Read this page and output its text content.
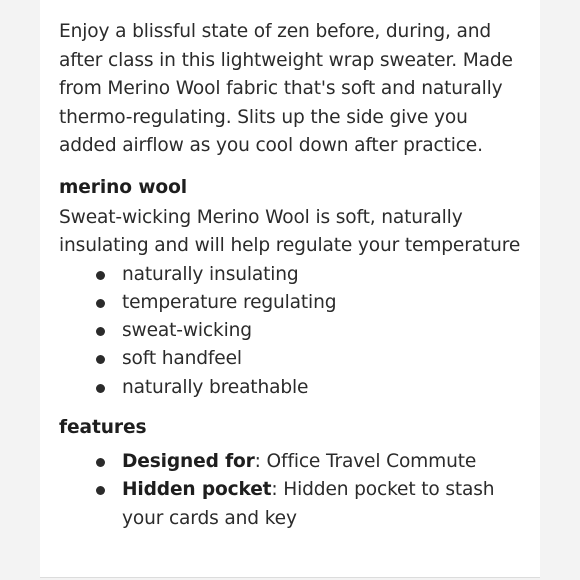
Enjoy a blissful state of zen before, during, and after class in this lightweight wrap sweater. Made from Merino Wool fabric that's soft and naturally thermo-regulating. Slits up the side give you added airflow as you cool down after practice.

merino wool

Sweat-wicking Merino Wool is soft, naturally insulating and will help regulate your temperature

naturally insulating
temperature regulating
sweat-wicking
soft handfeel
naturally breathable
features
Designed for: Office Travel Commute
Hidden pocket: Hidden pocket to stash your cards and key
